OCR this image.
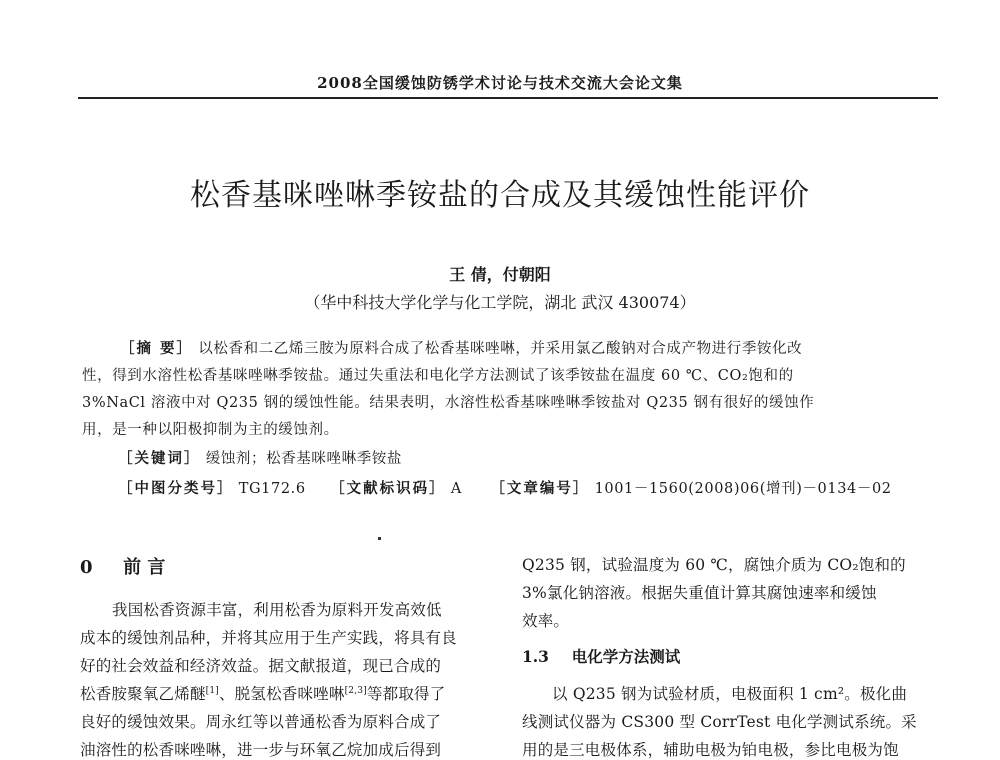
2008全国缓蚀防锈学术讨论与技术交流大会论文集
松香基咪唑啉季铵盐的合成及其缓蚀性能评价
王 倩，付朝阳
（华中科技大学化学与化工学院，湖北 武汉 430074）
［摘 要］ 以松香和二乙烯三胺为原料合成了松香基咪唑啉，并采用氯乙酸钠对合成产物进行季铵化改
性，得到水溶性松香基咪唑啉季铵盐。通过失重法和电化学方法测试了该季铵盐在温度 60 ℃、CO₂饱和的
3%NaCl 溶液中对 Q235 钢的缓蚀性能。结果表明，水溶性松香基咪唑啉季铵盐对 Q235 钢有很好的缓蚀作
用，是一种以阳极抑制为主的缓蚀剂。
［关键词］ 缓蚀剂；松香基咪唑啉季铵盐
［中图分类号］ TG172.6 ［文献标识码］ A ［文章编号］ 1001－1560(2008)06(增刊)－0134－02
0 前 言
我国松香资源丰富，利用松香为原料开发高效低
成本的缓蚀剂品种，并将其应用于生产实践，将具有良
好的社会效益和经济效益。据文献报道，现已合成的
松香胺聚氧乙烯醚[1]、脱氢松香咪唑啉[2,3]等都取得了
良好的缓蚀效果。周永红等以普通松香为原料合成了
油溶性的松香咪唑啉，进一步与环氧乙烷加成后得到
Q235 钢，试验温度为 60 ℃，腐蚀介质为 CO₂饱和的
3%氯化钠溶液。根据失重值计算其腐蚀速率和缓蚀
效率。
1.3 电化学方法测试
以 Q235 钢为试验材质，电极面积 1 cm²。极化曲
线测试仪器为 CS300 型 CorrTest 电化学测试系统。采
用的是三电极体系，辅助电极为铂电极，参比电极为饱
